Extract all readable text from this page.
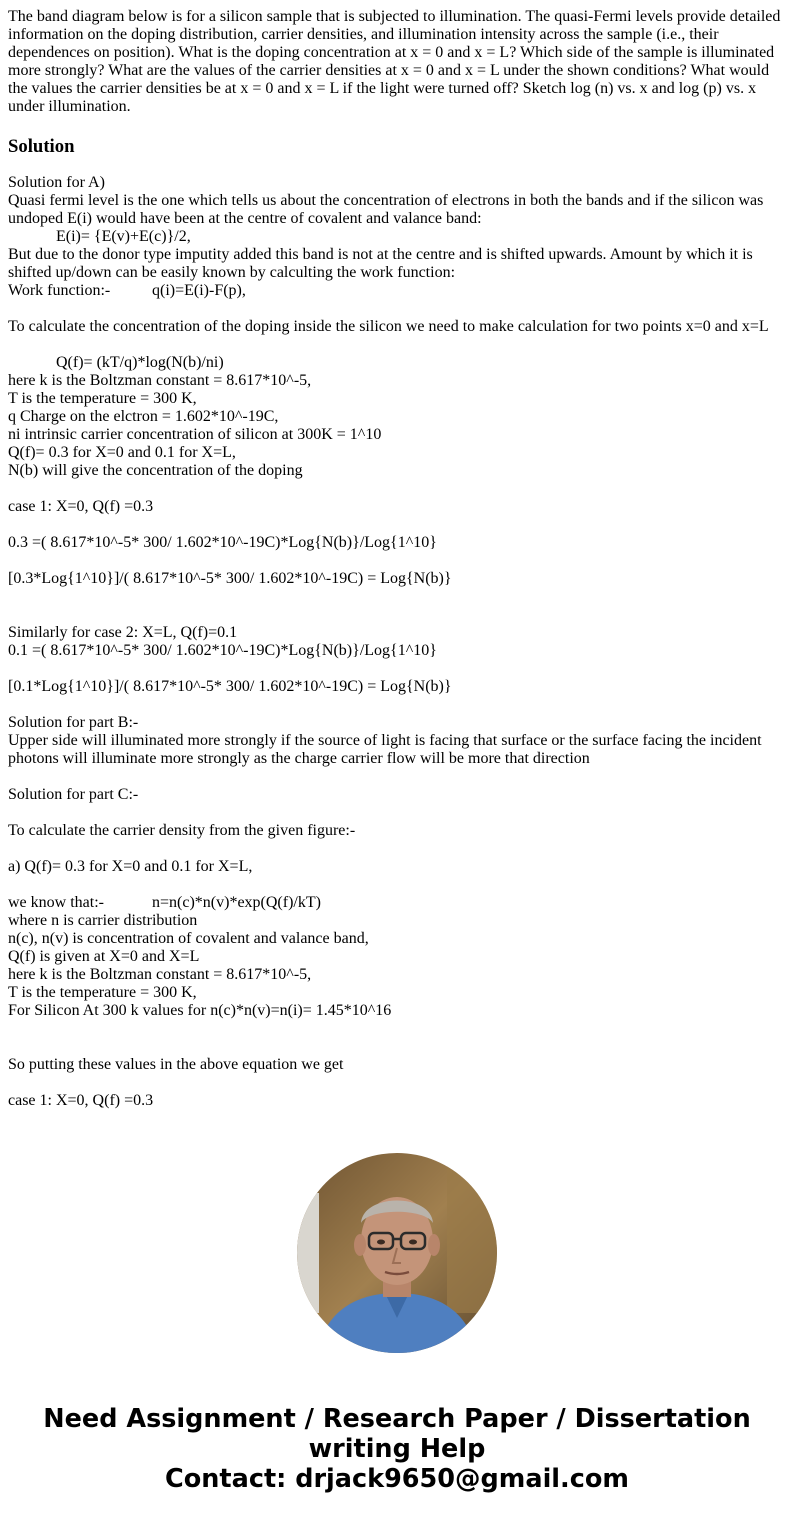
The band diagram below is for a silicon sample that is subjected to illumination. The quasi-Fermi levels provide detailed information on the doping distribution, carrier densities, and illumination intensity across the sample (i.e., their dependences on position). What is the doping concentration at x = 0 and x = L? Which side of the sample is illuminated more strongly? What are the values of the carrier densities at x = 0 and x = L under the shown conditions? What would the values the carrier densities be at x = 0 and x = L if the light were turned off? Sketch log (n) vs. x and log (p) vs. x under illumination.

Solution
Solution for A)
Quasi fermi level is the one which tells us about the concentration of electrons in both the bands and if the silicon was undoped E(i) would have been at the centre of covalent and valance band:
	E(i)= {E(v)+E(c)}/2,
But due to the donor type imputity added this band is not at the centre and is shifted upwards. Amount by which it is shifted up/down can be easily known by calculting the work function:
Work function:-	q(i)=E(i)-F(p),
To calculate the concentration of the doping inside the silicon we need to make calculation for two points x=0 and x=L
	Q(f)= (kT/q)*log(N(b)/ni)
here k is the Boltzman constant = 8.617*10^-5,
T is the temperature = 300 K,
q Charge on the elctron = 1.602*10^-19C,
ni intrinsic carrier concentration of silicon at 300K = 1^10
Q(f)= 0.3 for X=0 and 0.1 for X=L,
N(b) will give the concentration of the doping
case 1: X=0, Q(f) =0.3
0.3 =( 8.617*10^-5* 300/ 1.602*10^-19C)*Log{N(b)}/Log{1^10}
[0.3*Log{1^10}]/( 8.617*10^-5* 300/ 1.602*10^-19C) = Log{N(b)}
Similarly for case 2: X=L, Q(f)=0.1
0.1 =( 8.617*10^-5* 300/ 1.602*10^-19C)*Log{N(b)}/Log{1^10}
[0.1*Log{1^10}]/( 8.617*10^-5* 300/ 1.602*10^-19C) = Log{N(b)}
Solution for part B:-
Upper side will illuminated more strongly if the source of light is facing that surface or the surface facing the incident photons will illuminate more strongly as the charge carrier flow will be more that direction
Solution for part C:-
To calculate the carrier density from the given figure:-
a) Q(f)= 0.3 for X=0 and 0.1 for X=L,
we know that:-	n=n(c)*n(v)*exp(Q(f)/kT)
where n is carrier distribution
n(c), n(v) is concentration of covalent and valance band,
Q(f) is given at X=0 and X=L
here k is the Boltzman constant = 8.617*10^-5,
T is the temperature = 300 K,
For Silicon At 300 k values for n(c)*n(v)=n(i)= 1.45*10^16
So putting these values in the above equation we get
case 1: X=0, Q(f) =0.3
Need Assignment / Research Paper / Dissertation
writing Help
Contact: drjack9650@gmail.com
